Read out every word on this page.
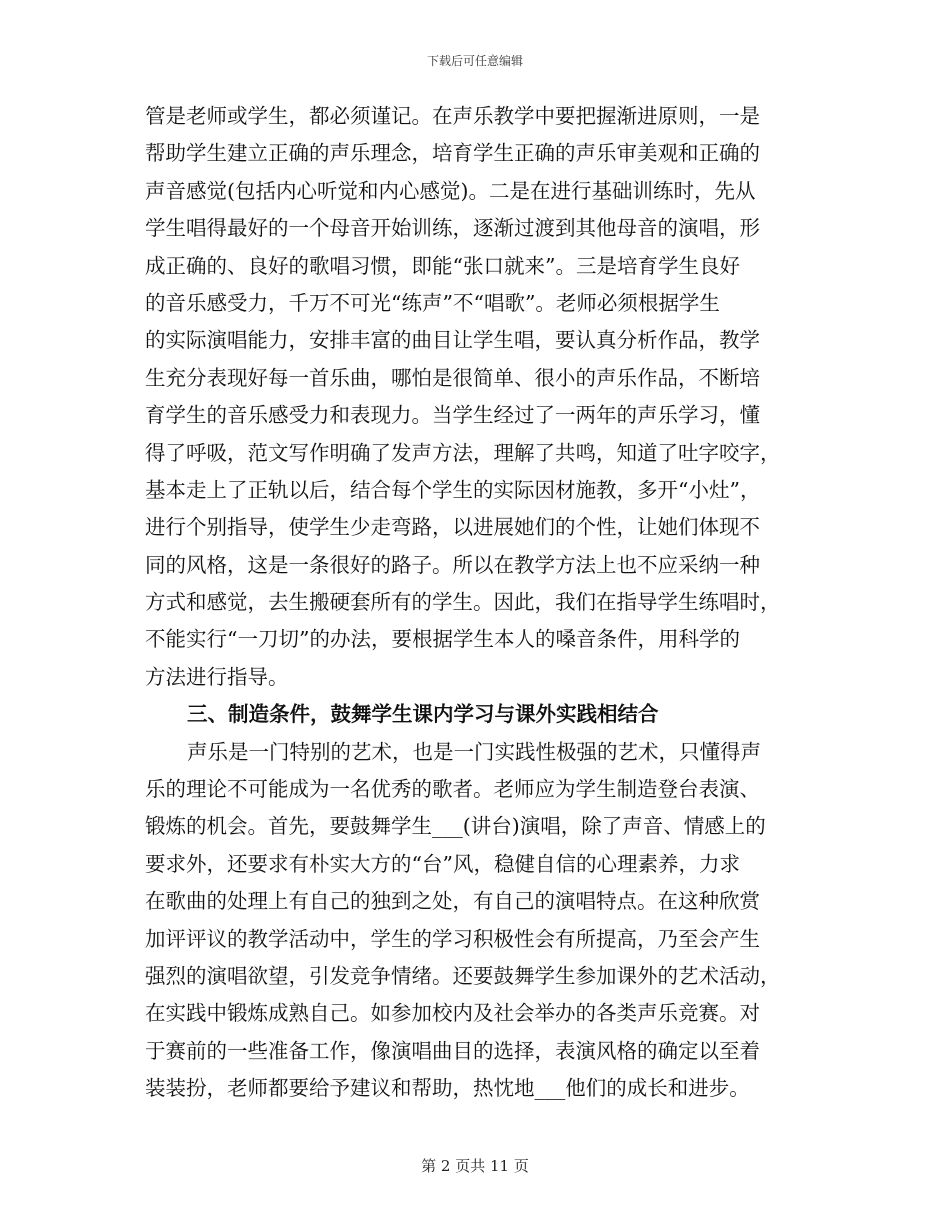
下载后可任意编辑
管是老师或学生，都必须谨记。在声乐教学中要把握渐进原则，一是
帮助学生建立正确的声乐理念，培育学生正确的声乐审美观和正确的
声音感觉(包括内心听觉和内心感觉)。二是在进行基础训练时，先从
学生唱得最好的一个母音开始训练，逐渐过渡到其他母音的演唱，形
成正确的、良好的歌唱习惯，即能“张口就来”。三是培育学生良好
的音乐感受力，千万不可光“练声”不“唱歌”。老师必须根据学生
的实际演唱能力，安排丰富的曲目让学生唱，要认真分析作品，教学
生充分表现好每一首乐曲，哪怕是很简单、很小的声乐作品，不断培
育学生的音乐感受力和表现力。当学生经过了一两年的声乐学习，懂
得了呼吸，范文写作明确了发声方法，理解了共鸣，知道了吐字咬字，
基本走上了正轨以后，结合每个学生的实际因材施教，多开“小灶”，
进行个别指导，使学生少走弯路，以进展她们的个性，让她们体现不
同的风格，这是一条很好的路子。所以在教学方法上也不应采纳一种
方式和感觉，去生搬硬套所有的学生。因此，我们在指导学生练唱时，
不能实行“一刀切”的办法，要根据学生本人的嗓音条件，用科学的
方法进行指导。
三、制造条件，鼓舞学生课内学习与课外实践相结合
声乐是一门特别的艺术，也是一门实践性极强的艺术，只懂得声
乐的理论不可能成为一名优秀的歌者。老师应为学生制造登台表演、
锻炼的机会。首先，要鼓舞学生___(讲台)演唱，除了声音、情感上的
要求外，还要求有朴实大方的“台”风，稳健自信的心理素养，力求
在歌曲的处理上有自己的独到之处，有自己的演唱特点。在这种欣赏
加评评议的教学活动中，学生的学习积极性会有所提高，乃至会产生
强烈的演唱欲望，引发竞争情绪。还要鼓舞学生参加课外的艺术活动，
在实践中锻炼成熟自己。如参加校内及社会举办的各类声乐竞赛。对
于赛前的一些准备工作，像演唱曲目的选择，表演风格的确定以至着
装装扮，老师都要给予建议和帮助，热忱地___他们的成长和进步。
第 2 页共 11 页
